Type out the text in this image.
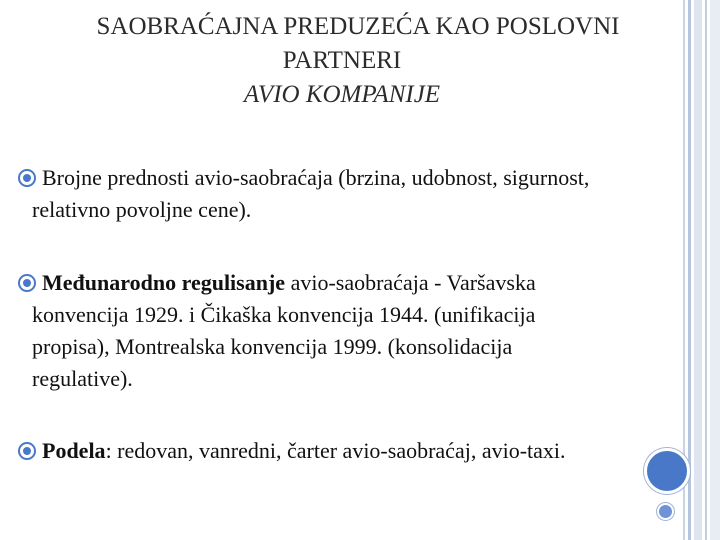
SAOBRAĆAJNA PREDUZEĆA KAO POSLOVNI
PARTNERI
AVIO KOMPANIJE
Brojne prednosti avio-saobraćaja (brzina, udobnost, sigurnost,
relativno povoljne cene).
Međunarodno regulisanje avio-saobraćaja - Varšavska
konvencija 1929. i Čikaška konvencija 1944. (unifikacija
propisa), Montrealska konvencija 1999. (konsolidacija
regulative).
Podela: redovan, vanredni, čarter avio-saobraćaj, avio-taxi.
